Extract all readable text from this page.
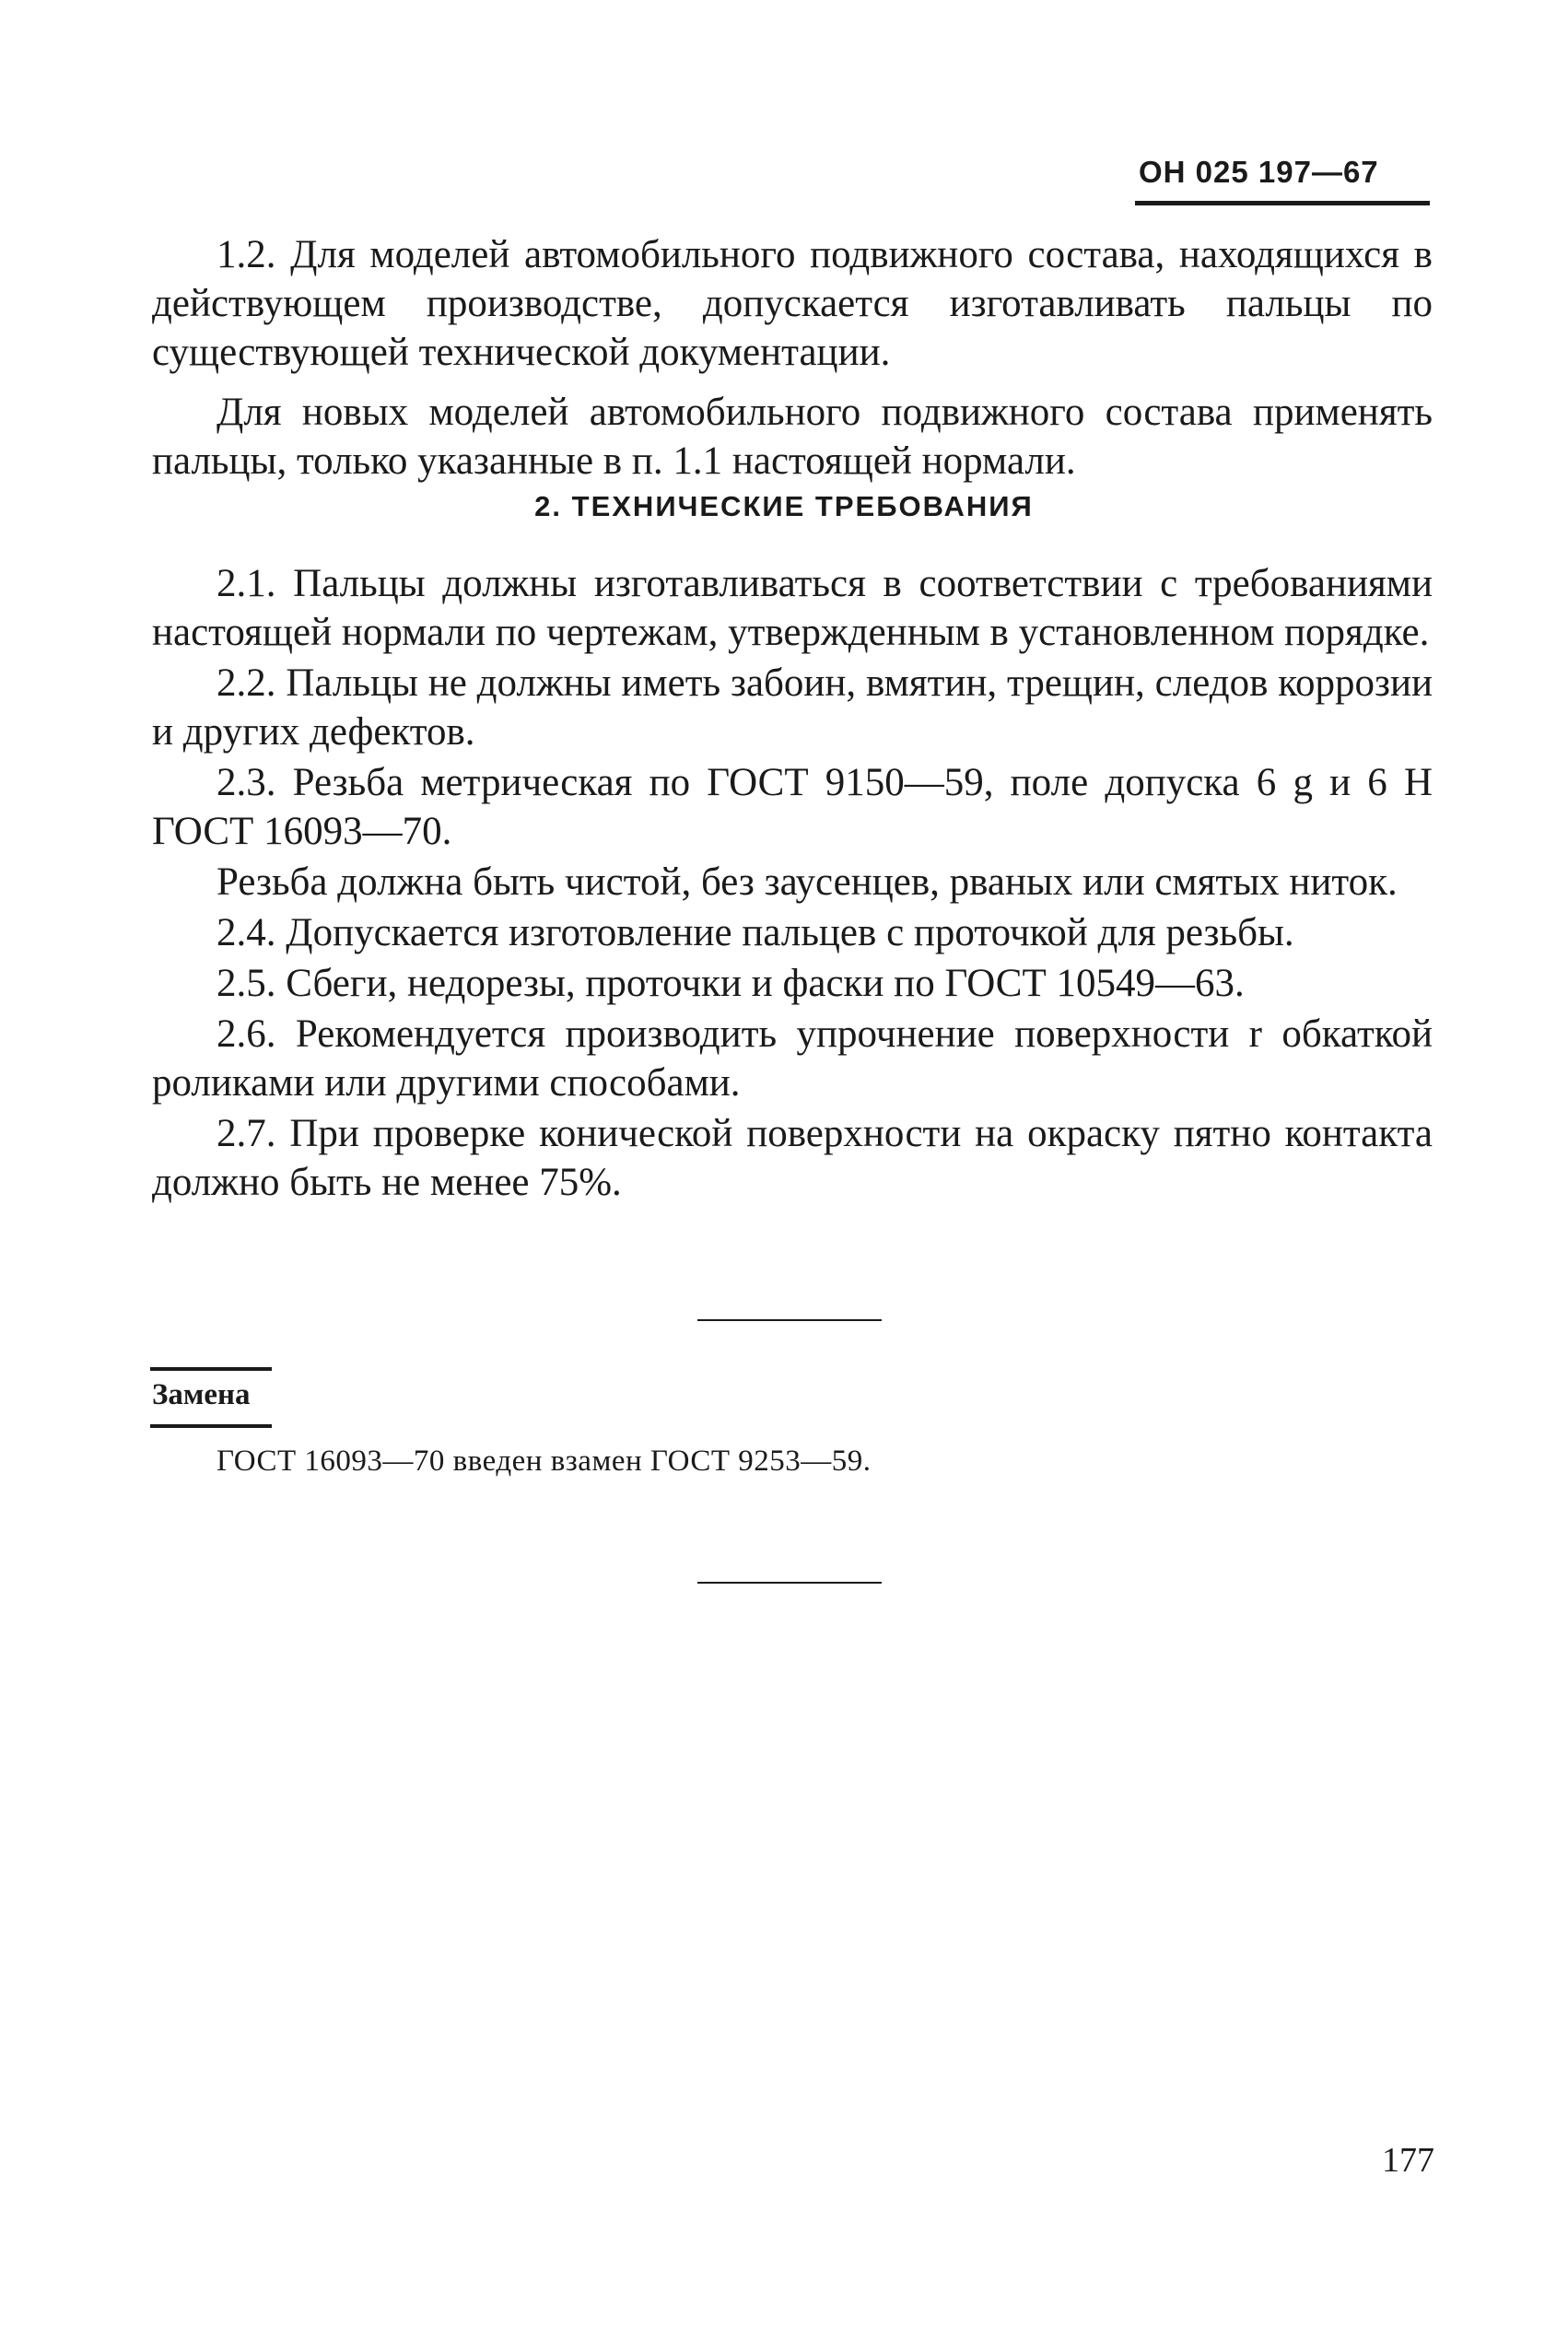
ОН 025 197—67

1.2. Для моделей автомобильного подвижного состава, находящихся в действующем производстве, допускается изготавливать пальцы по существующей технической документации.

Для новых моделей автомобильного подвижного состава применять пальцы, только указанные в п. 1.1 настоящей нормали.

2. ТЕХНИЧЕСКИЕ ТРЕБОВАНИЯ

2.1. Пальцы должны изготавливаться в соответствии с требованиями настоящей нормали по чертежам, утвержденным в установленном порядке.

2.2. Пальцы не должны иметь забоин, вмятин, трещин, следов коррозии и других дефектов.

2.3. Резьба метрическая по ГОСТ 9150—59, поле допуска 6 g и 6 H ГОСТ 16093—70.

Резьба должна быть чистой, без заусенцев, рваных или смятых ниток.

2.4. Допускается изготовление пальцев с проточкой для резьбы.

2.5. Сбеги, недорезы, проточки и фаски по ГОСТ 10549—63.

2.6. Рекомендуется производить упрочнение поверхности r обкаткой роликами или другими способами.

2.7. При проверке конической поверхности на окраску пятно контакта должно быть не менее 75%.

Замена
ГОСТ 16093—70 введен взамен ГОСТ 9253—59.
177
